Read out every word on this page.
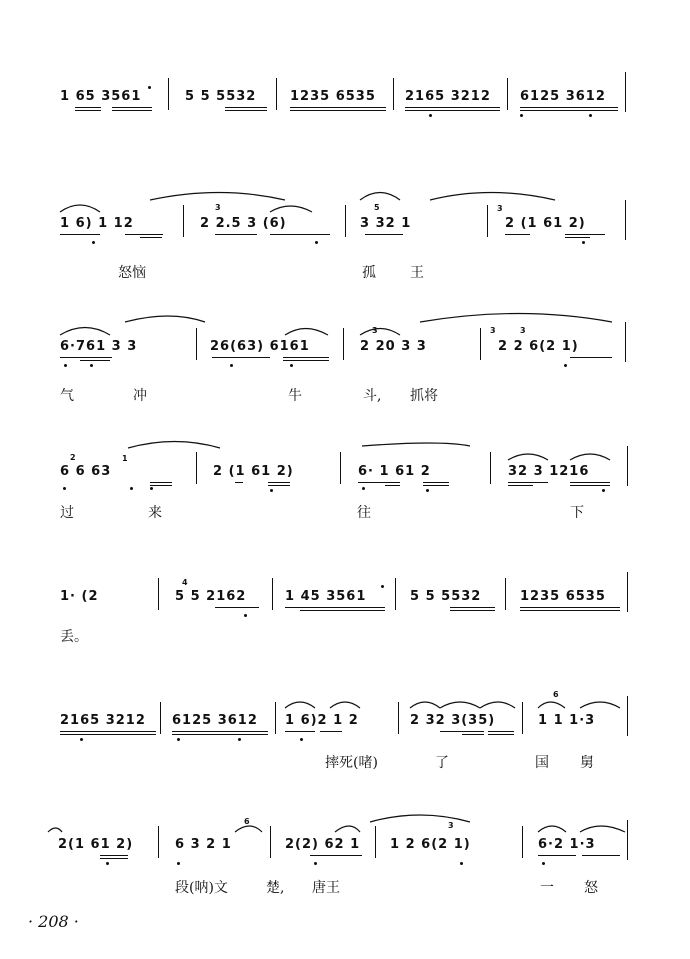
1 65 3561	5 5 5532	1235 6535 2165 3212 6125 3612
1 6) 1 12	2 2.5 3 (6)	3 32 1	2 (1 61 2)
3	5	3
怒恼	孤 王
6·761 3 3	26(63) 6161	2 20 3 3	2 2 6(2 1)
3	3	3
气	冲	牛	斗, 抓将
6 6 63	2 (1 61 2)	6· 1 61 2	32 3 1216
2	1
过	来	往	下
1· (2	5 5 2162	1 45 3561	5 5 5532	1235 6535
4
丢。
2165 3212 6125 3612 1 6)2 1 2	2 32 3(35)	1 1 1·3
6
摔死(啫)	了	国 舅
2(1 61 2)	6 3 2 1	2(2) 62 1 1 2 6(2 1)	6·2 1·3
6	3
段(呐)文	楚, 唐王	一 怒
· 208 ·
